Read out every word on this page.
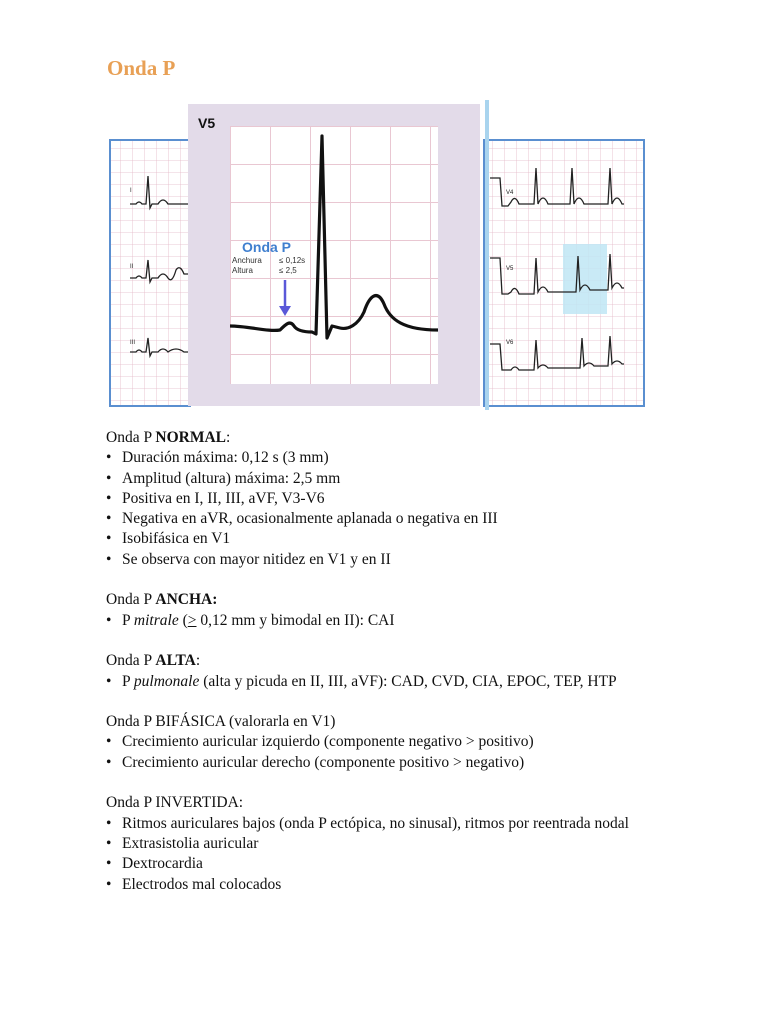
Onda P
I
II
III
V4
V5
V6
V5
Onda P
Anchura ≤ 0,12s
Altura	≤ 2,5

Onda P NORMAL:

• Duración máxima: 0,12 s (3 mm)
• Amplitud (altura) máxima: 2,5 mm
• Positiva en I, II, III, aVF, V3-V6
• Negativa en aVR, ocasionalmente aplanada o negativa en III
• Isobifásica en V1
• Se observa con mayor nitidez en V1 y en II

Onda P ANCHA:

• P mitrale (> 0,12 mm y bimodal en II): CAI

Onda P ALTA:

• P pulmonale (alta y picuda en II, III, aVF): CAD, CVD, CIA, EPOC, TEP, HTP

Onda P BIFÁSICA (valorarla en V1)

• Crecimiento auricular izquierdo (componente negativo > positivo)
• Crecimiento auricular derecho (componente positivo > negativo)

Onda P INVERTIDA:

• Ritmos auriculares bajos (onda P ectópica, no sinusal), ritmos por reentrada nodal
• Extrasistolia auricular
• Dextrocardia
• Electrodos mal colocados
